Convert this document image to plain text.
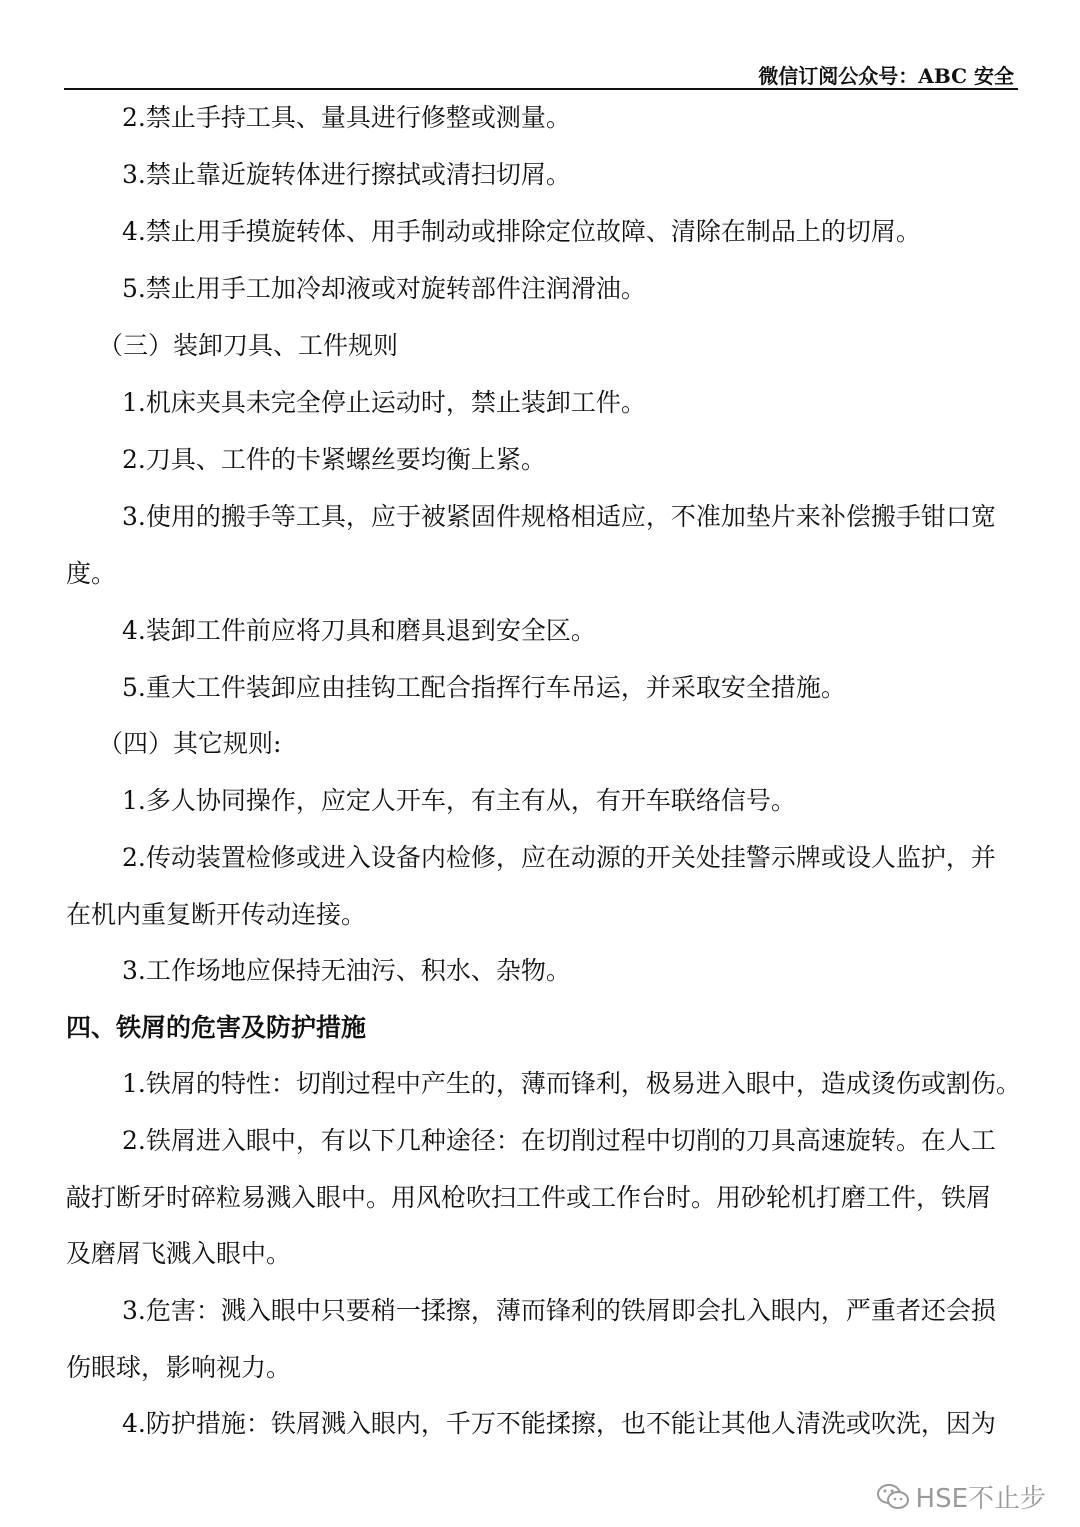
微信订阅公众号：ABC 安全
2.禁止手持工具、量具进行修整或测量。
3.禁止靠近旋转体进行擦拭或清扫切屑。
4.禁止用手摸旋转体、用手制动或排除定位故障、清除在制品上的切屑。
5.禁止用手工加冷却液或对旋转部件注润滑油。
（三）装卸刀具、工件规则
1.机床夹具未完全停止运动时，禁止装卸工件。
2.刀具、工件的卡紧螺丝要均衡上紧。
3.使用的搬手等工具，应于被紧固件规格相适应，不准加垫片来补偿搬手钳口宽
度。
4.装卸工件前应将刀具和磨具退到安全区。
5.重大工件装卸应由挂钩工配合指挥行车吊运，并采取安全措施。
（四）其它规则:
1.多人协同操作，应定人开车，有主有从，有开车联络信号。
2.传动装置检修或进入设备内检修，应在动源的开关处挂警示牌或设人监护，并
在机内重复断开传动连接。
3.工作场地应保持无油污、积水、杂物。
四、铁屑的危害及防护措施
1.铁屑的特性：切削过程中产生的，薄而锋利，极易进入眼中，造成烫伤或割伤。
2.铁屑进入眼中，有以下几种途径：在切削过程中切削的刀具高速旋转。在人工
敲打断牙时碎粒易溅入眼中。用风枪吹扫工件或工作台时。用砂轮机打磨工件，铁屑
及磨屑飞溅入眼中。
3.危害：溅入眼中只要稍一揉擦，薄而锋利的铁屑即会扎入眼内，严重者还会损
伤眼球，影响视力。
4.防护措施：铁屑溅入眼内，千万不能揉擦，也不能让其他人清洗或吹洗，因为
HSE不止步
